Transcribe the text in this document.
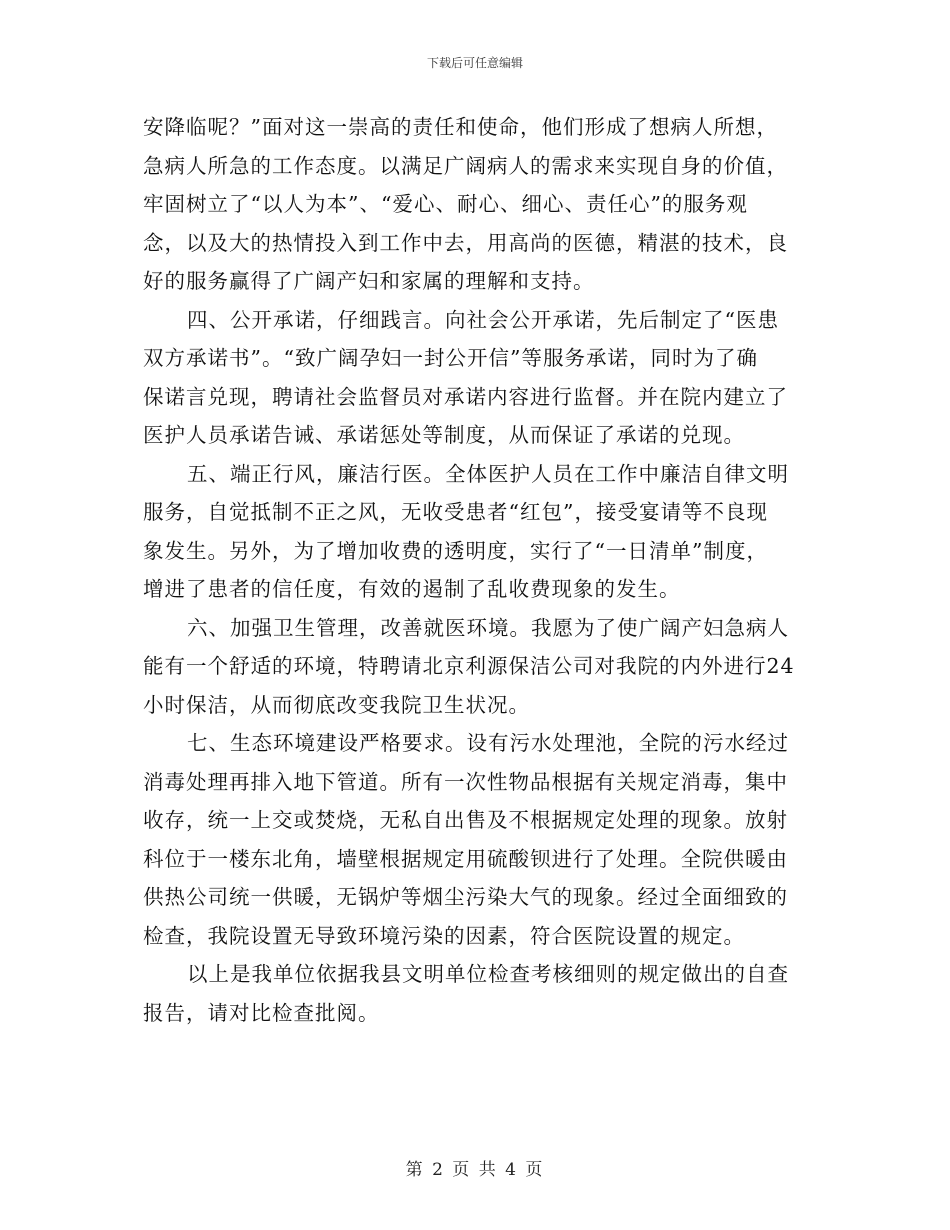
下载后可任意编辑
安降临呢？”面对这一崇高的责任和使命，他们形成了想病人所想，
急病人所急的工作态度。以满足广阔病人的需求来实现自身的价值，
牢固树立了“以人为本”、“爱心、耐心、细心、责任心”的服务观
念，以及大的热情投入到工作中去，用高尚的医德，精湛的技术，良
好的服务赢得了广阔产妇和家属的理解和支持。
四、公开承诺，仔细践言。向社会公开承诺，先后制定了“医患
双方承诺书”。“致广阔孕妇一封公开信”等服务承诺，同时为了确
保诺言兑现，聘请社会监督员对承诺内容进行监督。并在院内建立了
医护人员承诺告诫、承诺惩处等制度，从而保证了承诺的兑现。
五、端正行风，廉洁行医。全体医护人员在工作中廉洁自律文明
服务，自觉抵制不正之风，无收受患者“红包”，接受宴请等不良现
象发生。另外，为了增加收费的透明度，实行了“一日清单”制度，
增进了患者的信任度，有效的遏制了乱收费现象的发生。
六、加强卫生管理，改善就医环境。我愿为了使广阔产妇急病人
能有一个舒适的环境，特聘请北京利源保洁公司对我院的内外进行24
小时保洁，从而彻底改变我院卫生状况。
七、生态环境建设严格要求。设有污水处理池，全院的污水经过
消毒处理再排入地下管道。所有一次性物品根据有关规定消毒，集中
收存，统一上交或焚烧，无私自出售及不根据规定处理的现象。放射
科位于一楼东北角，墙壁根据规定用硫酸钡进行了处理。全院供暖由
供热公司统一供暖，无锅炉等烟尘污染大气的现象。经过全面细致的
检查，我院设置无导致环境污染的因素，符合医院设置的规定。
以上是我单位依据我县文明单位检查考核细则的规定做出的自查
报告，请对比检查批阅。
第 2 页 共 4 页
